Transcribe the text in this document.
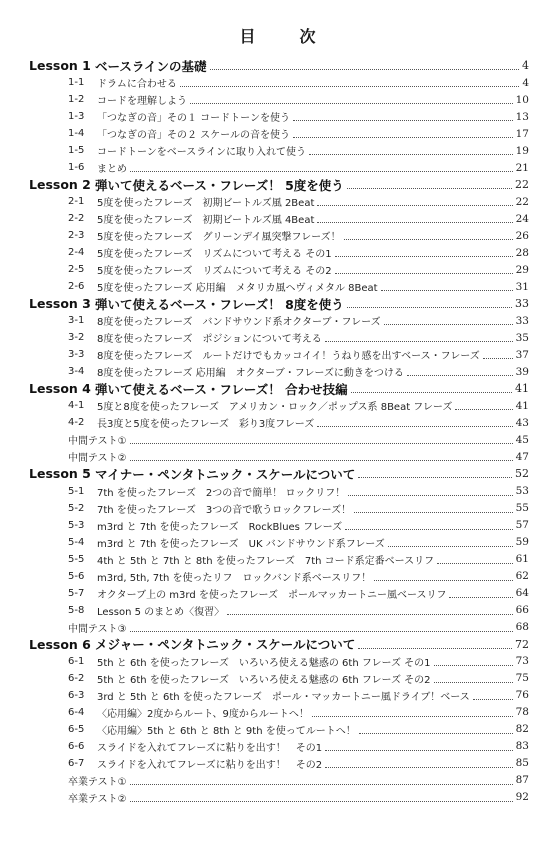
目　次
Lesson 1 ベースラインの基礎	4
1-1 ドラムに合わせる	4
1-2 コードを理解しよう	10
1-3 「つなぎの音」その１ コードトーンを使う	13
1-4 「つなぎの音」その２ スケールの音を使う	17
1-5 コードトーンをベースラインに取り入れて使う	19
1-6 まとめ	21
Lesson 2 弾いて使えるベース・フレーズ！ 5度を使う	22
2-1 5度を使ったフレーズ　初期ビートルズ風 2Beat	22
2-2 5度を使ったフレーズ　初期ビートルズ風 4Beat	24
2-3 5度を使ったフレーズ　グリーンデイ風突撃フレーズ！	26
2-4 5度を使ったフレーズ　リズムについて考える その1	28
2-5 5度を使ったフレーズ　リズムについて考える その2	29
2-6 5度を使ったフレーズ 応用編　メタリカ風ヘヴィメタル 8Beat	31
Lesson 3 弾いて使えるベース・フレーズ！ 8度を使う	33
3-1 8度を使ったフレーズ　バンドサウンド系オクターブ・フレーズ	33
3-2 8度を使ったフレーズ　ポジションについて考える	35
3-3 8度を使ったフレーズ　ルートだけでもカッコイイ！うねり感を出すベース・フレーズ	37
3-4 8度を使ったフレーズ 応用編　オクターブ・フレーズに動きをつける	39
Lesson 4 弾いて使えるベース・フレーズ！ 合わせ技編	41
4-1 5度と8度を使ったフレーズ　アメリカン・ロック／ポップス系 8Beat フレーズ	41
4-2 長3度と5度を使ったフレーズ　彩り3度フレーズ	43
中間テスト①	45
中間テスト②	47
Lesson 5 マイナー・ペンタトニック・スケールについて	52
5-1 7th を使ったフレーズ　2つの音で簡単！ ロックリフ！	53
5-2 7th を使ったフレーズ　3つの音で歌うロックフレーズ！	55
5-3 m3rd と 7th を使ったフレーズ　RockBlues フレーズ	57
5-4 m3rd と 7th を使ったフレーズ　UK バンドサウンド系フレーズ	59
5-5 4th と 5th と 7th と 8th を使ったフレーズ　7th コード系定番ベースリフ	61
5-6 m3rd, 5th, 7th を使ったリフ　ロックバンド系ベースリフ！	62
5-7 オクターブ上の m3rd を使ったフレーズ　ポールマッカートニー風ベースリフ	64
5-8 Lesson 5 のまとめ〈復習〉	66
中間テスト③	68
Lesson 6 メジャー・ペンタトニック・スケールについて	72
6-1 5th と 6th を使ったフレーズ　いろいろ使える魅惑の 6th フレーズ その1	73
6-2 5th と 6th を使ったフレーズ　いろいろ使える魅惑の 6th フレーズ その2	75
6-3 3rd と 5th と 6th を使ったフレーズ　ポール・マッカートニー風ドライブ！ベース	76
6-4 〈応用編〉2度からルート、9度からルートへ！	78
6-5 〈応用編〉5th と 6th と 8th と 9th を使ってルートへ！	82
6-6 スライドを入れてフレーズに粘りを出す！　その1	83
6-7 スライドを入れてフレーズに粘りを出す！　その2	85
卒業テスト①	87
卒業テスト②	92
